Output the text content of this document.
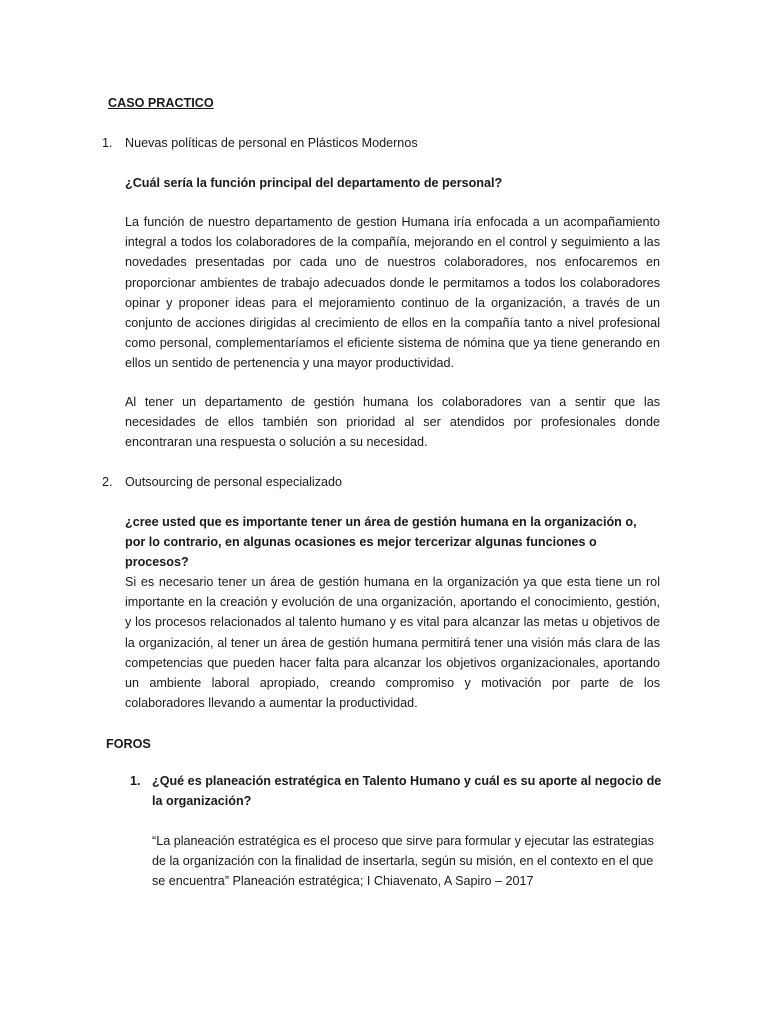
CASO PRACTICO

1. Nuevas políticas de personal en Plásticos Modernos

¿Cuál sería la función principal del departamento de personal?

La función de nuestro departamento de gestion Humana iría enfocada a un acompañamiento integral a todos los colaboradores de la compañía, mejorando en el control y seguimiento a las novedades presentadas por cada uno de nuestros colaboradores, nos enfocaremos en proporcionar ambientes de trabajo adecuados donde le permitamos a todos los colaboradores opinar y proponer ideas para el mejoramiento continuo de la organización, a través de un conjunto de acciones dirigidas al crecimiento de ellos en la compañía tanto a nivel profesional como personal, complementaríamos el eficiente sistema de nómina que ya tiene generando en ellos un sentido de pertenencia y una mayor productividad.

Al tener un departamento de gestión humana los colaboradores van a sentir que las necesidades de ellos también son prioridad al ser atendidos por profesionales donde encontraran una respuesta o solución a su necesidad.

2. Outsourcing de personal especializado

¿cree usted que es importante tener un área de gestión humana en la organización o, por lo contrario, en algunas ocasiones es mejor tercerizar algunas funciones o procesos?

Si es necesario tener un área de gestión humana en la organización ya que esta tiene un rol importante en la creación y evolución de una organización, aportando el conocimiento, gestión, y los procesos relacionados al talento humano y es vital para alcanzar las metas u objetivos de la organización, al tener un área de gestión humana permitirá tener una visión más clara de las competencias que pueden hacer falta para alcanzar los objetivos organizacionales, aportando un ambiente laboral apropiado, creando compromiso y motivación por parte de los colaboradores llevando a aumentar la productividad.

FOROS

1. ¿Qué es planeación estratégica en Talento Humano y cuál es su aporte al negocio de la organización?

“La planeación estratégica es el proceso que sirve para formular y ejecutar las estrategias de la organización con la finalidad de insertarla, según su misión, en el contexto en el que se encuentra” Planeación estratégica; I Chiavenato, A Sapiro – 2017
